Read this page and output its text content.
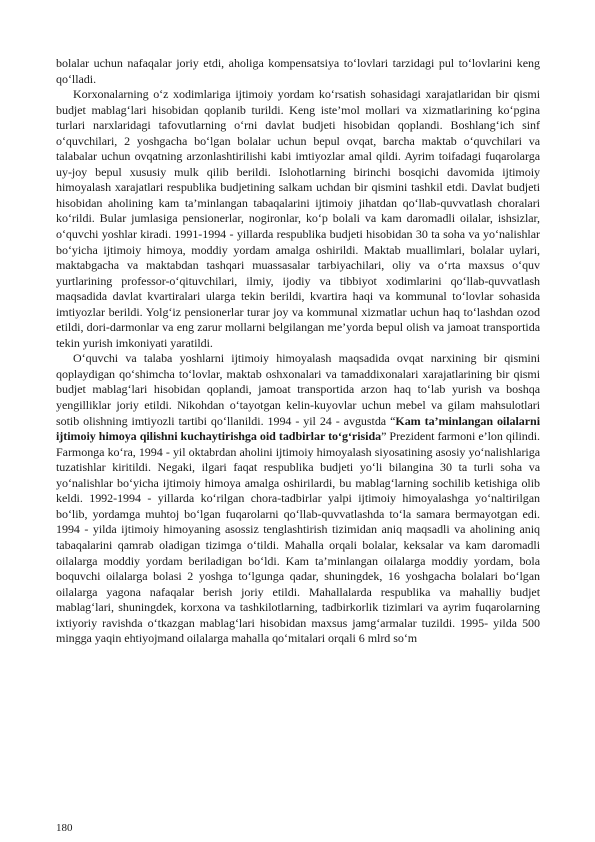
bolalar uchun nafaqalar joriy etdi, aholiga kompensatsiya to‘lovlari tarzidagi pul to‘lovlarini keng qo‘lladi.

Korxonalarning o‘z xodimlariga ijtimoiy yordam ko‘rsatish sohasidagi xarajatlaridan bir qismi budjet mablag‘lari hisobidan qoplanib turildi. Keng iste’mol mollari va xizmatlarining ko‘pgina turlari narxlaridagi tafovutlarning o‘rni davlat budjeti hisobidan qoplandi. Boshlang‘ich sinf o‘quvchilari, 2 yoshgacha bo‘lgan bolalar uchun bepul ovqat, barcha maktab o‘quvchilari va talabalar uchun ovqatning arzonlashtirilishi kabi imtiyozlar amal qildi. Ayrim toifadagi fuqarolarga uy-joy bepul xususiy mulk qilib berildi. Islohotlarning birinchi bosqichi davomida ijtimoiy himoyalash xarajatlari respublika budjetining salkam uchdan bir qismini tashkil etdi. Davlat budjeti hisobidan aholining kam ta’minlangan tabaqalarini ijtimoiy jihatdan qo‘llab-quvvatlash choralari ko‘rildi. Bular jumlasiga pensionerlar, nogironlar, ko‘p bolali va kam daromadli oilalar, ishsizlar, o‘quvchi yoshlar kiradi. 1991-1994 - yillarda respublika budjeti hisobidan 30 ta soha va yo‘nalishlar bo‘yicha ijtimoiy himoya, moddiy yordam amalga oshirildi. Maktab muallimlari, bolalar uylari, maktabgacha va maktabdan tashqari muassasalar tarbiyachilari, oliy va o‘rta maxsus o‘quv yurtlarining professor-o‘qituvchilari, ilmiy, ijodiy va tibbiyot xodimlarini qo‘llab-quvvatlash maqsadida davlat kvartiralari ularga tekin berildi, kvartira haqi va kommunal to‘lovlar sohasida imtiyozlar berildi. Yolg‘iz pensionerlar turar joy va kommunal xizmatlar uchun haq to‘lashdan ozod etildi, dori-darmonlar va eng zarur mollarni belgilangan me’yorda bepul olish va jamoat transportida tekin yurish imkoniyati yaratildi.

O‘quvchi va talaba yoshlarni ijtimoiy himoyalash maqsadida ovqat narxining bir qismini qoplaydigan qo‘shimcha to‘lovlar, maktab oshxonalari va tamaddixonalari xarajatlarining bir qismi budjet mablag‘lari hisobidan qoplandi, jamoat transportida arzon haq to‘lab yurish va boshqa yengilliklar joriy etildi. Nikohdan o‘tayotgan kelin-kuyovlar uchun mebel va gilam mahsulotlari sotib olishning imtiyozli tartibi qo‘llanildi. 1994 - yil 24 - avgustda “Kam ta’minlangan oilalarni ijtimoiy himoya qilishni kuchaytirishga oid tadbirlar to‘g‘risida” Prezident farmoni e’lon qilindi. Farmonga ko‘ra, 1994 - yil oktabrdan aholini ijtimoiy himoyalash siyosatining asosiy yo‘nalishlariga tuzatishlar kiritildi. Negaki, ilgari faqat respublika budjeti yo‘li bilangina 30 ta turli soha va yo‘nalishlar bo‘yicha ijtimoiy himoya amalga oshirilardi, bu mablag‘larning sochilib ketishiga olib keldi. 1992-1994 - yillarda ko‘rilgan chora-tadbirlar yalpi ijtimoiy himoyalashga yo‘naltirilgan bo‘lib, yordamga muhtoj bo‘lgan fuqarolarni qo‘llab-quvvatlashda to‘la samara bermayotgan edi. 1994 - yilda ijtimoiy himoyaning asossiz tenglashtirish tizimidan aniq maqsadli va aholining aniq tabaqalarini qamrab oladigan tizimga o‘tildi. Mahalla orqali bolalar, keksalar va kam daromadli oilalarga moddiy yordam beriladigan bo‘ldi. Kam ta’minlangan oilalarga moddiy yordam, bola boquvchi oilalarga bolasi 2 yoshga to‘lgunga qadar, shuningdek, 16 yoshgacha bolalari bo‘lgan oilalarga yagona nafaqalar berish joriy etildi. Mahallalarda respublika va mahalliy budjet mablag‘lari, shuningdek, korxona va tashkilotlarning, tadbirkorlik tizimlari va ayrim fuqarolarning ixtiyoriy ravishda o‘tkazgan mablag‘lari hisobidan maxsus jamg‘armalar tuzildi. 1995- yilda 500 mingga yaqin ehtiyojmand oilalarga mahalla qo‘mitalari orqali 6 mlrd so‘m

180
